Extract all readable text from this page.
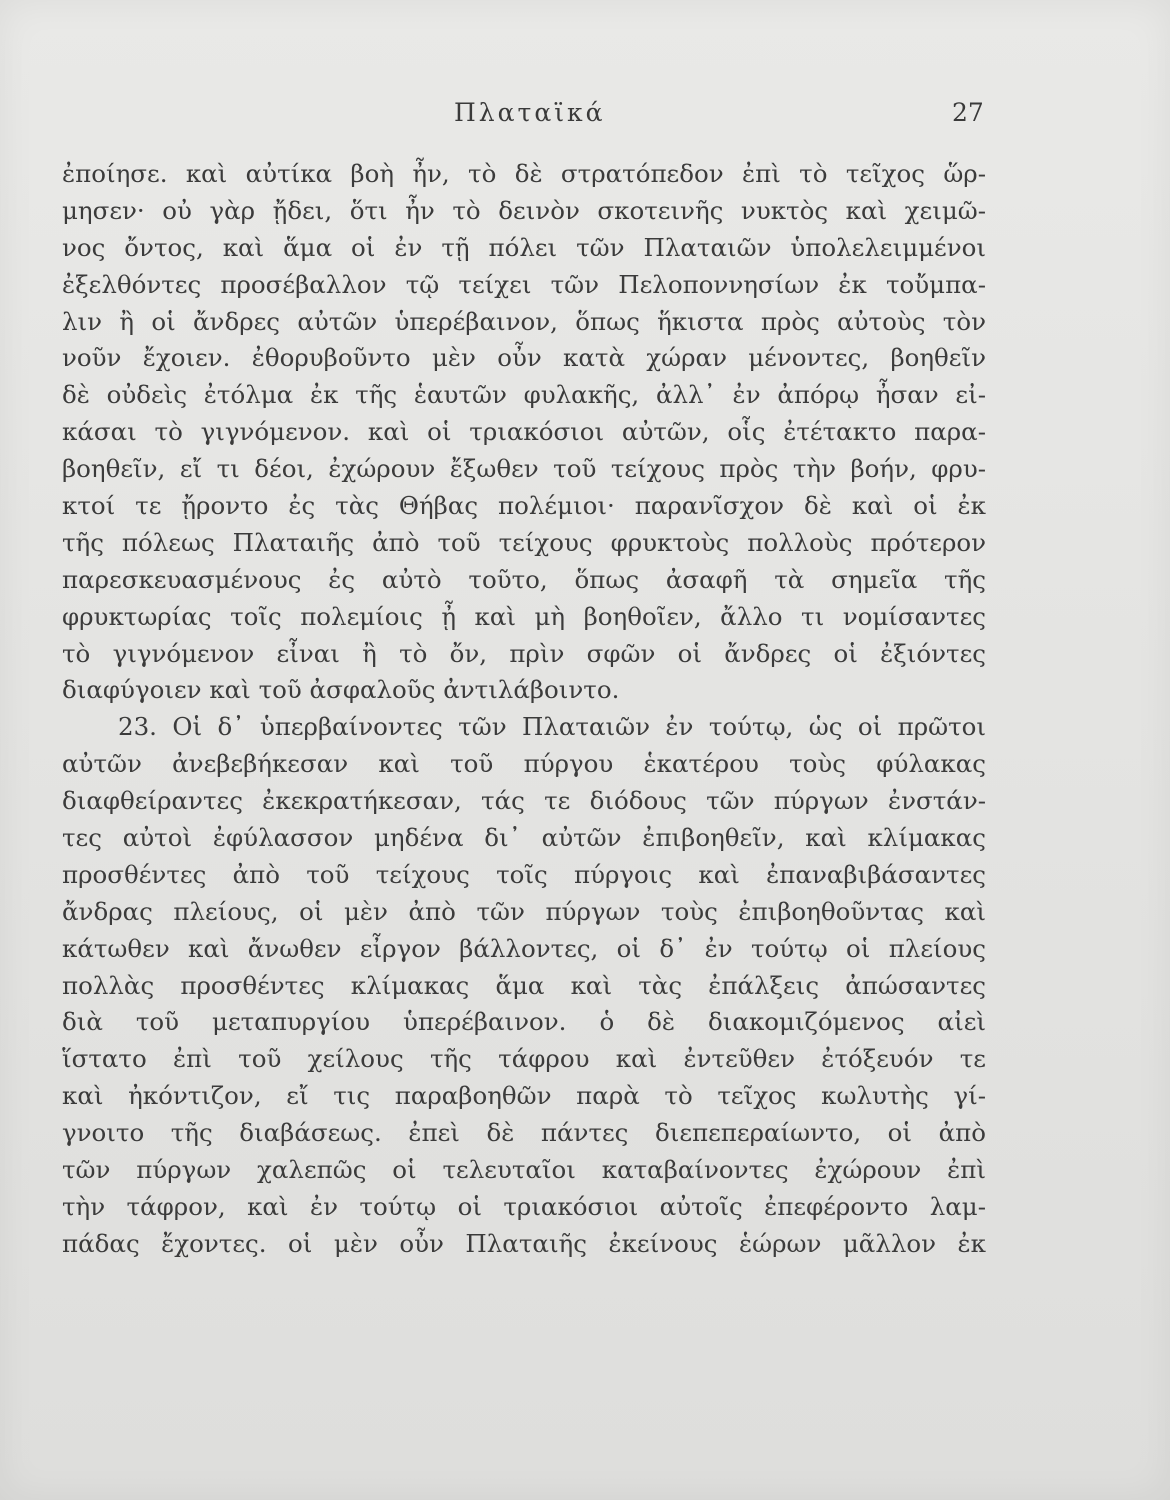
Πλαταϊκά	27
ἐποίησε. καὶ αὐτίκα βοὴ ἦν, τὸ δὲ στρατόπεδον ἐπὶ τὸ τεῖχος ὥρ-
μησεν· οὐ γὰρ ᾔδει, ὅτι ἦν τὸ δεινὸν σκοτεινῆς νυκτὸς καὶ χειμῶ-
νος ὄντος, καὶ ἅμα οἱ ἐν τῇ πόλει τῶν Πλαταιῶν ὑπολελειμμένοι
ἐξελθόντες προσέβαλλον τῷ τείχει τῶν Πελοποννησίων ἐκ τοὔμπα-
λιν ἢ οἱ ἄνδρες αὐτῶν ὑπερέβαινον, ὅπως ἥκιστα πρὸς αὐτοὺς τὸν
νοῦν ἔχοιεν. ἐθορυβοῦντο μὲν οὖν κατὰ χώραν μένοντες, βοηθεῖν
δὲ οὐδεὶς ἐτόλμα ἐκ τῆς ἑαυτῶν φυλακῆς, ἀλλ᾽ ἐν ἀπόρῳ ἦσαν εἰ-
κάσαι τὸ γιγνόμενον. καὶ οἱ τριακόσιοι αὐτῶν, οἷς ἐτέτακτο παρα-
βοηθεῖν, εἴ τι δέοι, ἐχώρουν ἔξωθεν τοῦ τείχους πρὸς τὴν βοήν, φρυ-
κτοί τε ᾔροντο ἐς τὰς Θήβας πολέμιοι· παρανῖσχον δὲ καὶ οἱ ἐκ
τῆς πόλεως Πλαταιῆς ἀπὸ τοῦ τείχους φρυκτοὺς πολλοὺς πρότερον
παρεσκευασμένους ἐς αὐτὸ τοῦτο, ὅπως ἀσαφῆ τὰ σημεῖα τῆς
φρυκτωρίας τοῖς πολεμίοις ᾖ καὶ μὴ βοηθοῖεν, ἄλλο τι νομίσαντες
τὸ γιγνόμενον εἶναι ἢ τὸ ὄν, πρὶν σφῶν οἱ ἄνδρες οἱ ἐξιόντες
διαφύγοιεν καὶ τοῦ ἀσφαλοῦς ἀντιλάβοιντο.
23. Οἱ δ᾽ ὑπερβαίνοντες τῶν Πλαταιῶν ἐν τούτῳ, ὡς οἱ πρῶτοι
αὐτῶν ἀνεβεβήκεσαν καὶ τοῦ πύργου ἑκατέρου τοὺς φύλακας
διαφθείραντες ἐκεκρατήκεσαν, τάς τε διόδους τῶν πύργων ἐνστάν-
τες αὐτοὶ ἐφύλασσον μηδένα δι᾽ αὐτῶν ἐπιβοηθεῖν, καὶ κλίμακας
προσθέντες ἀπὸ τοῦ τείχους τοῖς πύργοις καὶ ἐπαναβιβάσαντες
ἄνδρας πλείους, οἱ μὲν ἀπὸ τῶν πύργων τοὺς ἐπιβοηθοῦντας καὶ
κάτωθεν καὶ ἄνωθεν εἶργον βάλλοντες, οἱ δ᾽ ἐν τούτῳ οἱ πλείους
πολλὰς προσθέντες κλίμακας ἅμα καὶ τὰς ἐπάλξεις ἀπώσαντες
διὰ τοῦ μεταπυργίου ὑπερέβαινον. ὁ δὲ διακομιζόμενος αἰεὶ
ἵστατο ἐπὶ τοῦ χείλους τῆς τάφρου καὶ ἐντεῦθεν ἐτόξευόν τε
καὶ ἠκόντιζον, εἴ τις παραβοηθῶν παρὰ τὸ τεῖχος κωλυτὴς γί-
γνοιτο τῆς διαβάσεως. ἐπεὶ δὲ πάντες διεπεπεραίωντο, οἱ ἀπὸ
τῶν πύργων χαλεπῶς οἱ τελευταῖοι καταβαίνοντες ἐχώρουν ἐπὶ
τὴν τάφρον, καὶ ἐν τούτῳ οἱ τριακόσιοι αὐτοῖς ἐπεφέροντο λαμ-
πάδας ἔχοντες. οἱ μὲν οὖν Πλαταιῆς ἐκείνους ἑώρων μᾶλλον ἐκ
